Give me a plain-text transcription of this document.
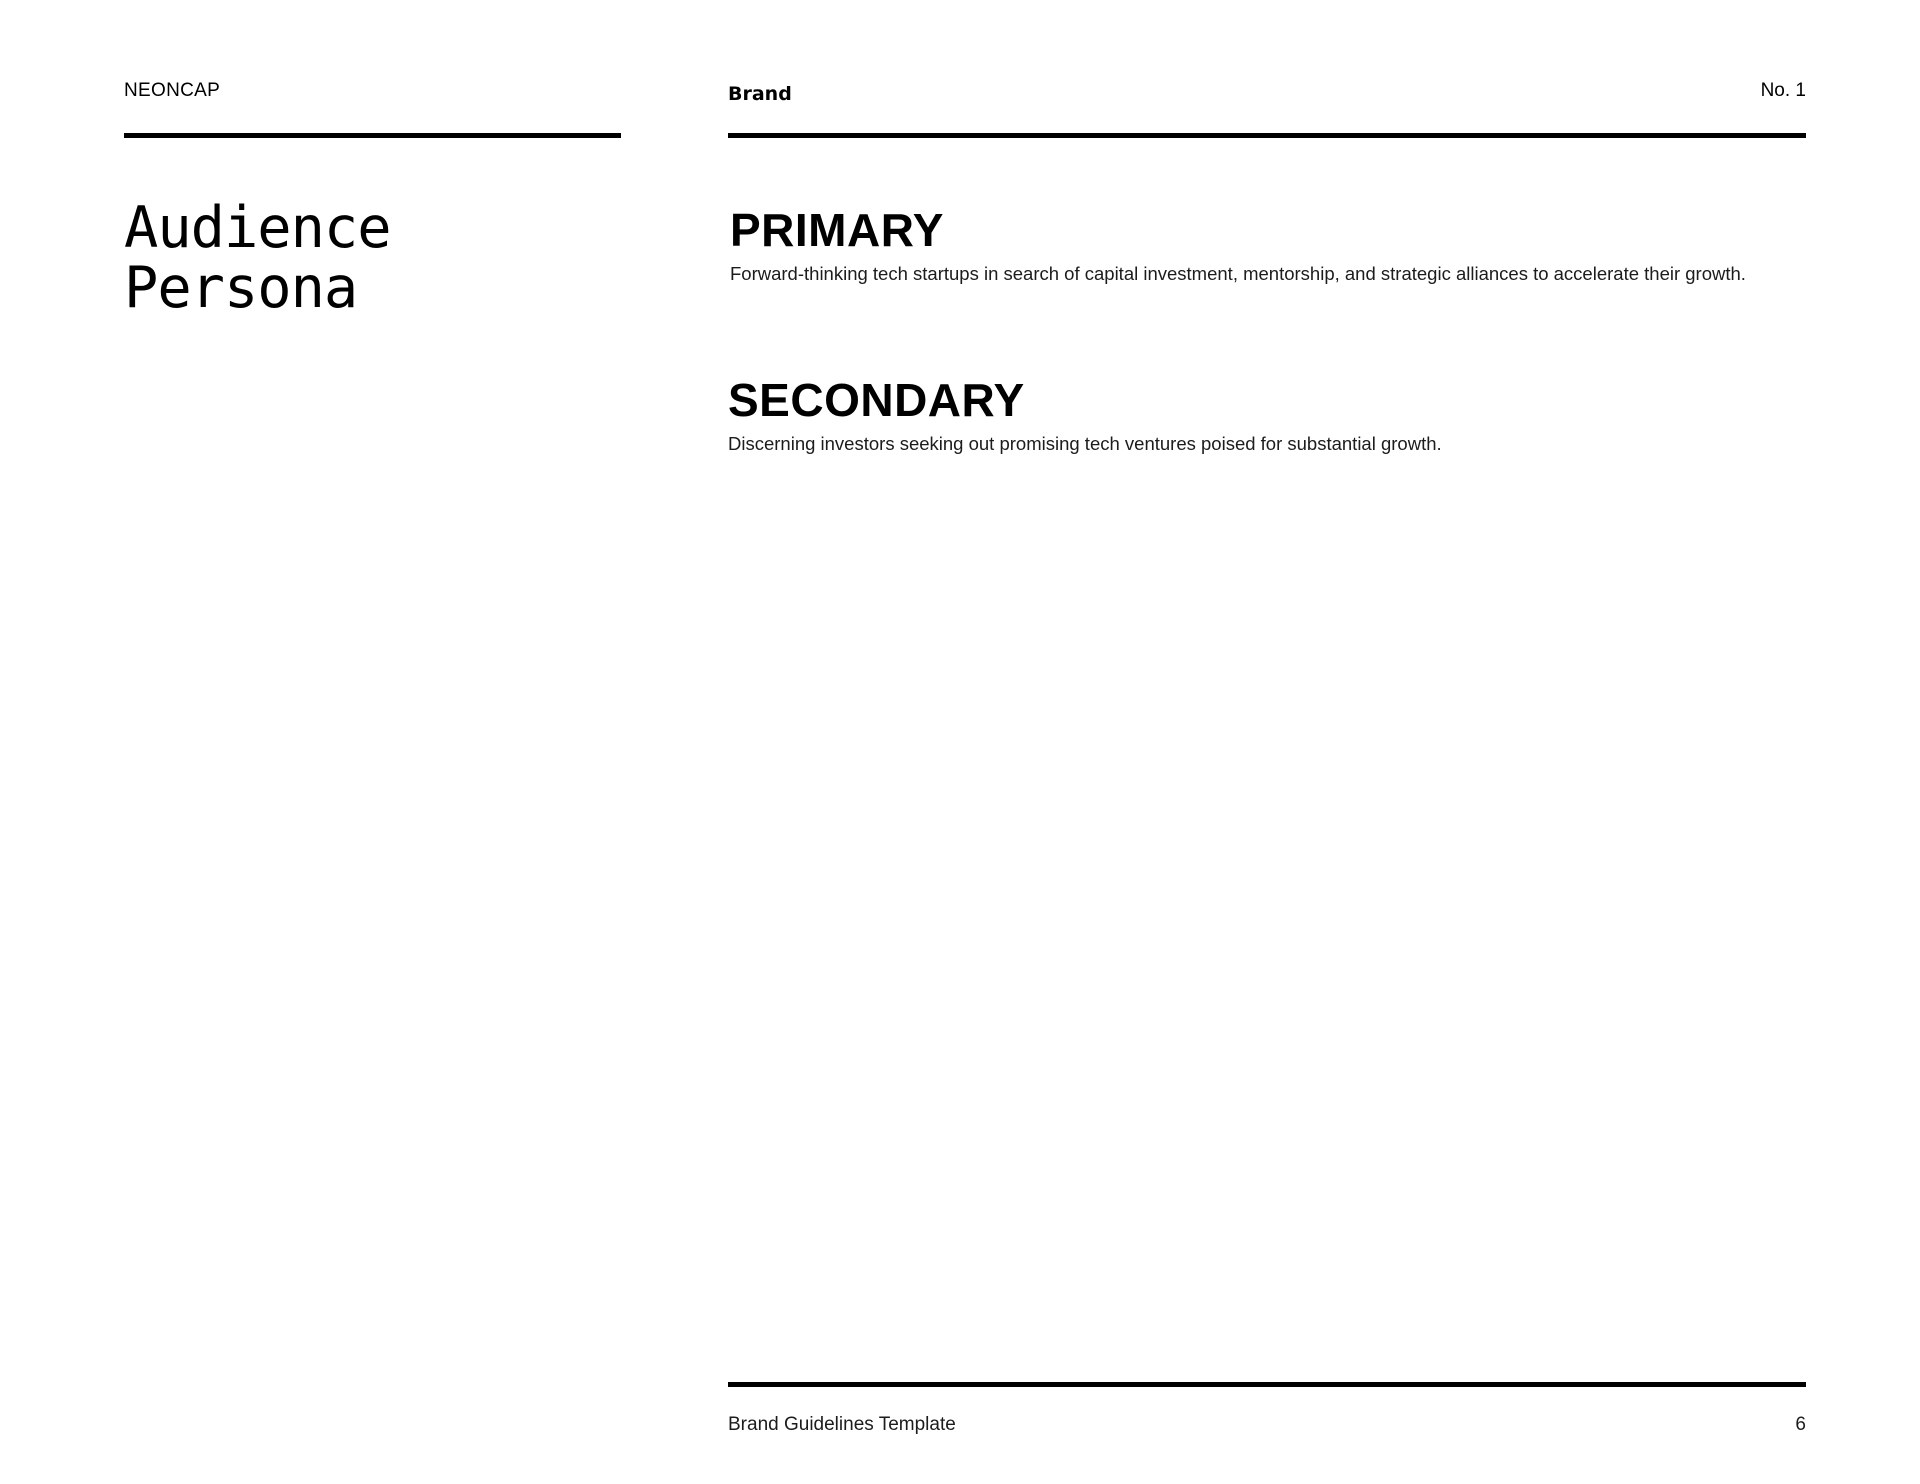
NEONCAP	Brand	No. 1
Audience
Persona
PRIMARY

Forward-thinking tech startups in search of capital investment, mentorship, and strategic alliances to accelerate their growth.

SECONDARY

Discerning investors seeking out promising tech ventures poised for substantial growth.

Brand Guidelines Template	6
